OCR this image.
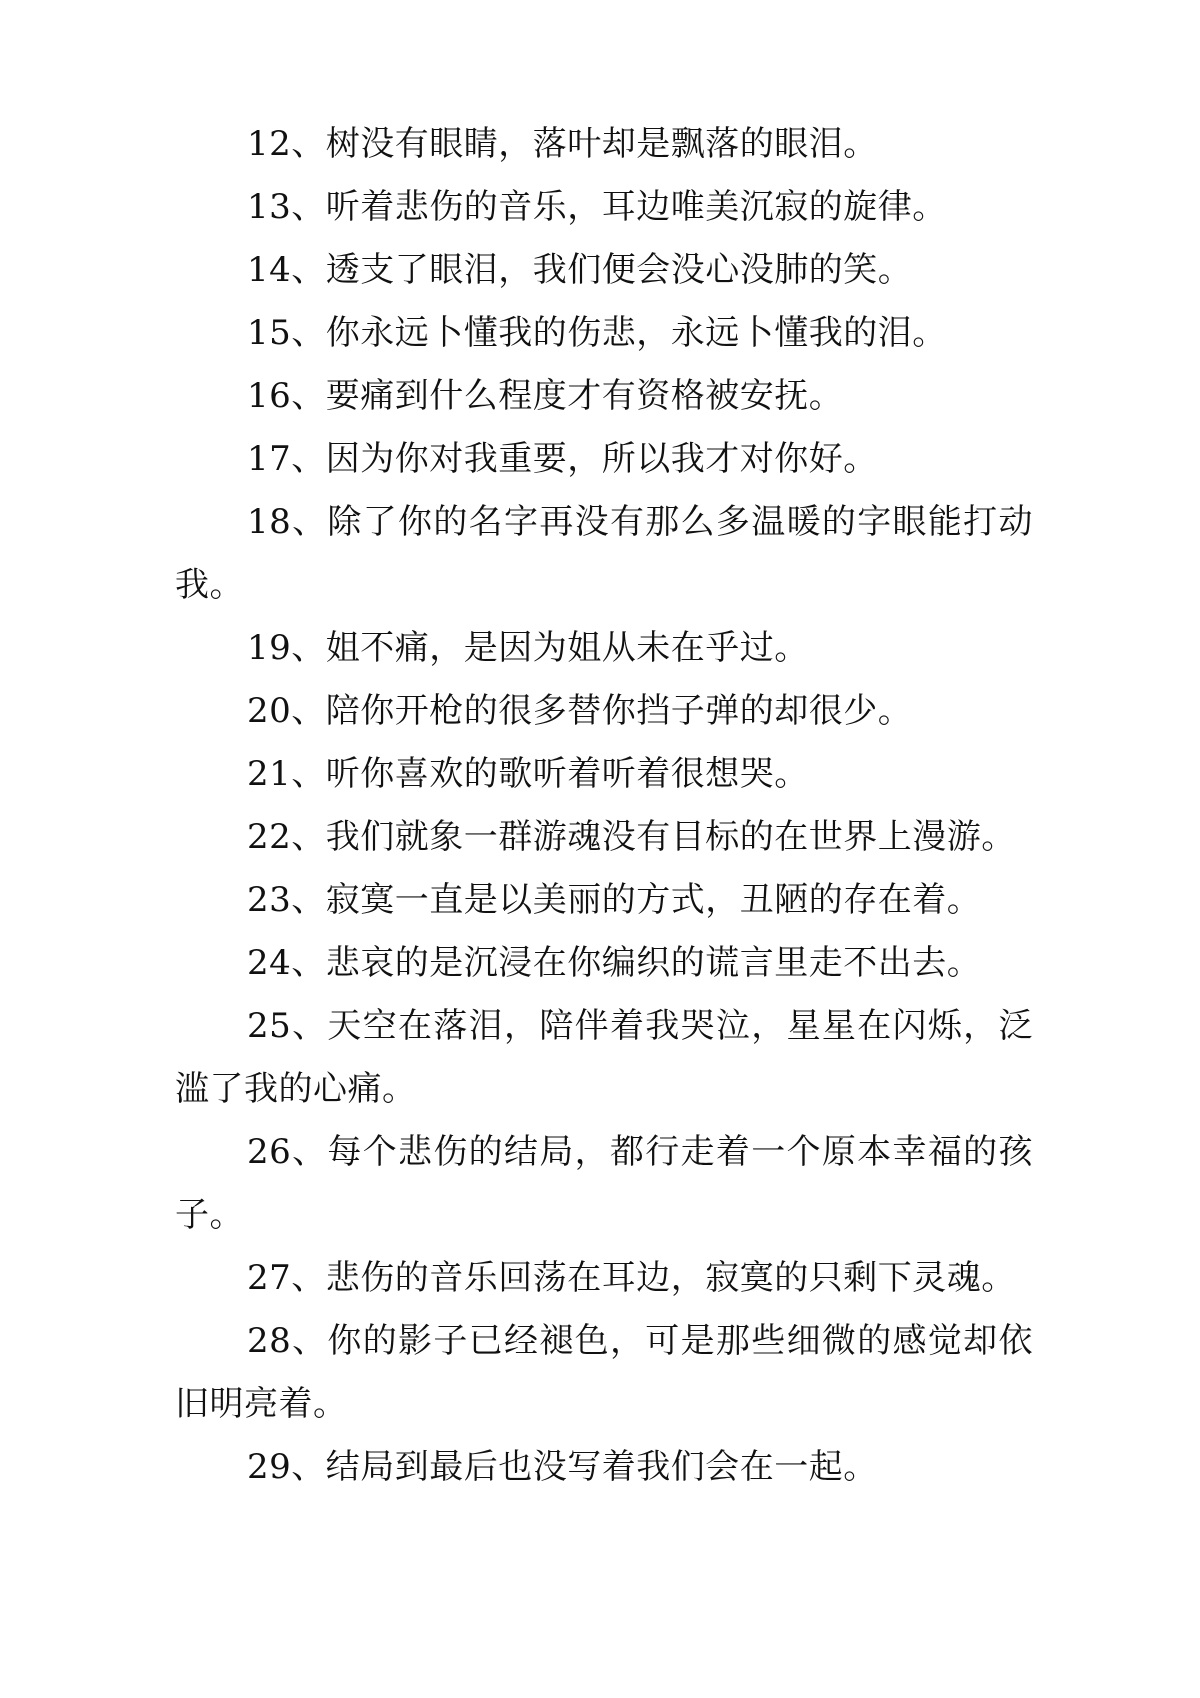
12、树没有眼睛，落叶却是飘落的眼泪。

13、听着悲伤的音乐，耳边唯美沉寂的旋律。

14、透支了眼泪，我们便会没心没肺的笑。

15、你永远卜懂我的伤悲，永远卜懂我的泪。

16、要痛到什么程度才有资格被安抚。

17、因为你对我重要，所以我才对你好。

18、除了你的名字再没有那么多温暖的字眼能打动我。

19、姐不痛，是因为姐从未在乎过。

20、陪你开枪的很多替你挡子弹的却很少。

21、听你喜欢的歌听着听着很想哭。

22、我们就象一群游魂没有目标的在世界上漫游。

23、寂寞一直是以美丽的方式，丑陋的存在着。

24、悲哀的是沉浸在你编织的谎言里走不出去。

25、天空在落泪，陪伴着我哭泣，星星在闪烁，泛滥了我的心痛。

26、每个悲伤的结局，都行走着一个原本幸福的孩子。

27、悲伤的音乐回荡在耳边，寂寞的只剩下灵魂。

28、你的影子已经褪色，可是那些细微的感觉却依旧明亮着。

29、结局到最后也没写着我们会在一起。
